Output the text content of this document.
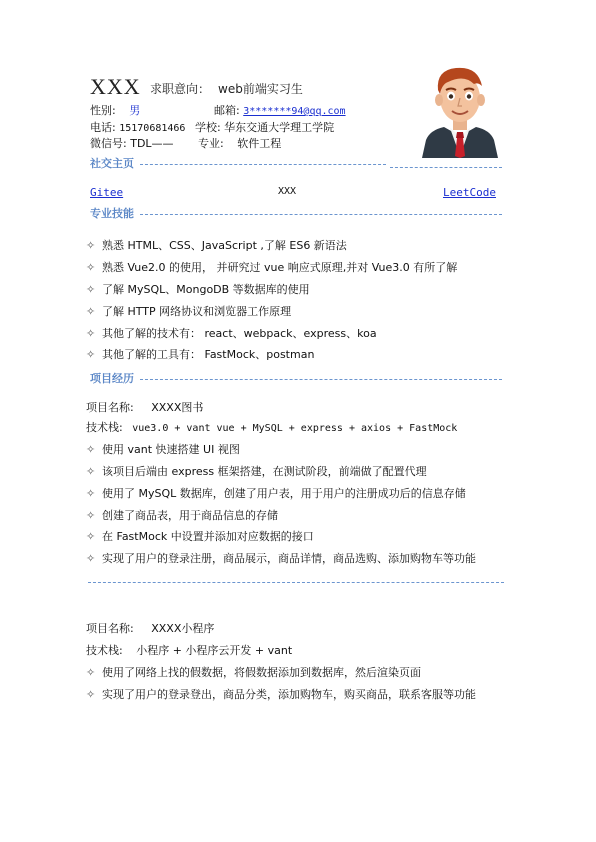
XXX 求职意向： web前端实习生
性别: 男	邮箱: 3*******94@qq.com
电话: 15170681466 学校: 华东交通大学理工学院
微信号: TDL—— 专业: 软件工程
社交主页
Gitee	XXX	LeetCode
专业技能
✧ 熟悉 HTML、CSS、JavaScript ,了解 ES6 新语法
✧ 熟悉 Vue2.0 的使用， 并研究过 vue 响应式原理,并对 Vue3.0 有所了解
✧ 了解 MySQL、MongoDB 等数据库的使用
✧ 了解 HTTP 网络协议和浏览器工作原理
✧ 其他了解的技术有： react、webpack、express、koa
✧ 其他了解的工具有： FastMock、postman
项目经历
项目名称: XXXX图书
技术栈: vue3.0 + vant vue + MySQL + express + axios + FastMock
✧ 使用 vant 快速搭建 UI 视图
✧ 该项目后端由 express 框架搭建，在测试阶段，前端做了配置代理
✧ 使用了 MySQL 数据库，创建了用户表，用于用户的注册成功后的信息存储
✧ 创建了商品表，用于商品信息的存储
✧ 在 FastMock 中设置并添加对应数据的接口
✧ 实现了用户的登录注册，商品展示，商品详情，商品选购、添加购物车等功能
项目名称: XXXX小程序
技术栈: 小程序 + 小程序云开发 + vant
✧ 使用了网络上找的假数据，将假数据添加到数据库，然后渲染页面
✧ 实现了用户的登录登出，商品分类，添加购物车，购买商品，联系客服等功能
